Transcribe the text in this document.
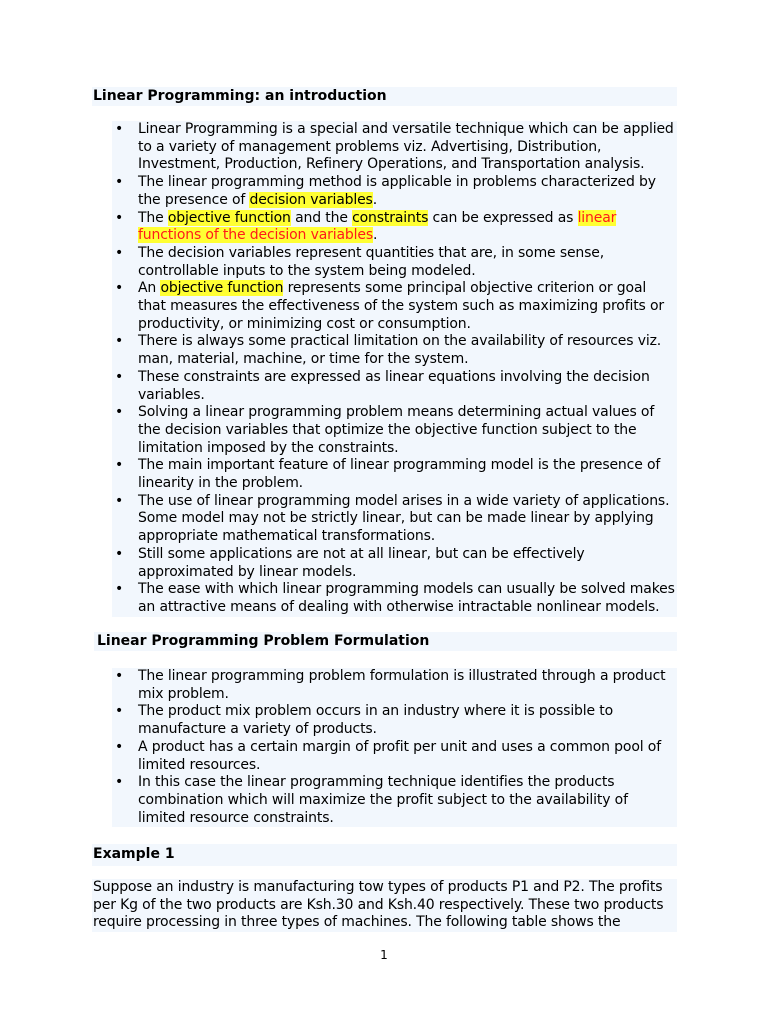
Linear Programming: an introduction
• Linear Programming is a special and versatile technique which can be applied to a variety of management problems viz. Advertising, Distribution, Investment, Production, Refinery Operations, and Transportation analysis.
• The linear programming method is applicable in problems characterized by the presence of decision variables.
• The objective function and the constraints can be expressed as linear functions of the decision variables.
• The decision variables represent quantities that are, in some sense, controllable inputs to the system being modeled.
• An objective function represents some principal objective criterion or goal that measures the effectiveness of the system such as maximizing profits or productivity, or minimizing cost or consumption.
• There is always some practical limitation on the availability of resources viz. man, material, machine, or time for the system.
• These constraints are expressed as linear equations involving the decision variables.
• Solving a linear programming problem means determining actual values of the decision variables that optimize the objective function subject to the limitation imposed by the constraints.
• The main important feature of linear programming model is the presence of linearity in the problem.
• The use of linear programming model arises in a wide variety of applications. Some model may not be strictly linear, but can be made linear by applying appropriate mathematical transformations.
• Still some applications are not at all linear, but can be effectively approximated by linear models.
• The ease with which linear programming models can usually be solved makes an attractive means of dealing with otherwise intractable nonlinear models.
Linear Programming Problem Formulation
• The linear programming problem formulation is illustrated through a product mix problem.
• The product mix problem occurs in an industry where it is possible to manufacture a variety of products.
• A product has a certain margin of profit per unit and uses a common pool of limited resources.
• In this case the linear programming technique identifies the products combination which will maximize the profit subject to the availability of limited resource constraints.
Example 1
Suppose an industry is manufacturing tow types of products P1 and P2. The profits per Kg of the two products are Ksh.30 and Ksh.40 respectively. These two products require processing in three types of machines. The following table shows the
1
